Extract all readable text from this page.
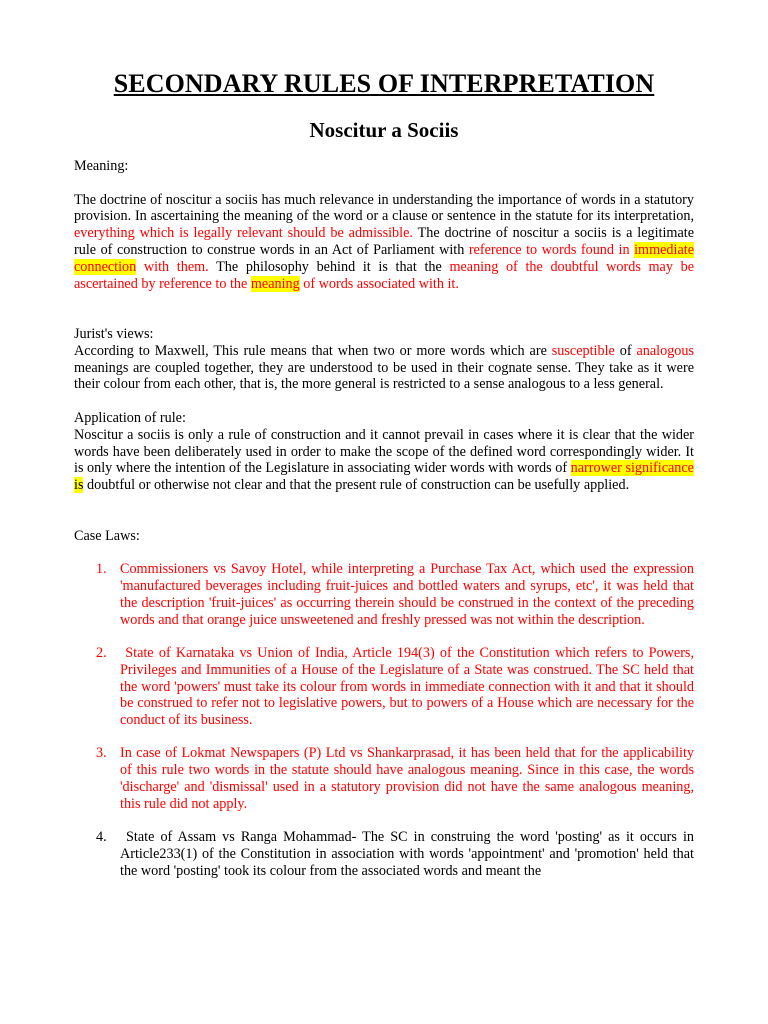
SECONDARY RULES OF INTERPRETATION
Noscitur a Sociis
Meaning:

The doctrine of noscitur a sociis has much relevance in understanding the importance of words in a statutory provision. In ascertaining the meaning of the word or a clause or sentence in the statute for its interpretation, everything which is legally relevant should be admissible. The doctrine of noscitur a sociis is a legitimate rule of construction to construe words in an Act of Parliament with reference to words found in immediate connection with them. The philosophy behind it is that the meaning of the doubtful words may be ascertained by reference to the meaning of words associated with it.

Jurist's views:

According to Maxwell, This rule means that when two or more words which are susceptible of analogous meanings are coupled together, they are understood to be used in their cognate sense. They take as it were their colour from each other, that is, the more general is restricted to a sense analogous to a less general.

Application of rule:

Noscitur a sociis is only a rule of construction and it cannot prevail in cases where it is clear that the wider words have been deliberately used in order to make the scope of the defined word correspondingly wider. It is only where the intention of the Legislature in associating wider words with words of narrower significance is doubtful or otherwise not clear and that the present rule of construction can be usefully applied.

Case Laws:
1. Commissioners vs Savoy Hotel, while interpreting a Purchase Tax Act, which used the expression 'manufactured beverages including fruit-juices and bottled waters and syrups, etc', it was held that the description 'fruit-juices' as occurring therein should be construed in the context of the preceding words and that orange juice unsweetened and freshly pressed was not within the description.
2. State of Karnataka vs Union of India, Article 194(3) of the Constitution which refers to Powers, Privileges and Immunities of a House of the Legislature of a State was construed. The SC held that the word 'powers' must take its colour from words in immediate connection with it and that it should be construed to refer not to legislative powers, but to powers of a House which are necessary for the conduct of its business.
3. In case of Lokmat Newspapers (P) Ltd vs Shankarprasad, it has been held that for the applicability of this rule two words in the statute should have analogous meaning. Since in this case, the words 'discharge' and 'dismissal' used in a statutory provision did not have the same analogous meaning, this rule did not apply.
4. State of Assam vs Ranga Mohammad- The SC in construing the word 'posting' as it occurs in Article233(1) of the Constitution in association with words 'appointment' and 'promotion' held that the word 'posting' took its colour from the associated words and meant the
